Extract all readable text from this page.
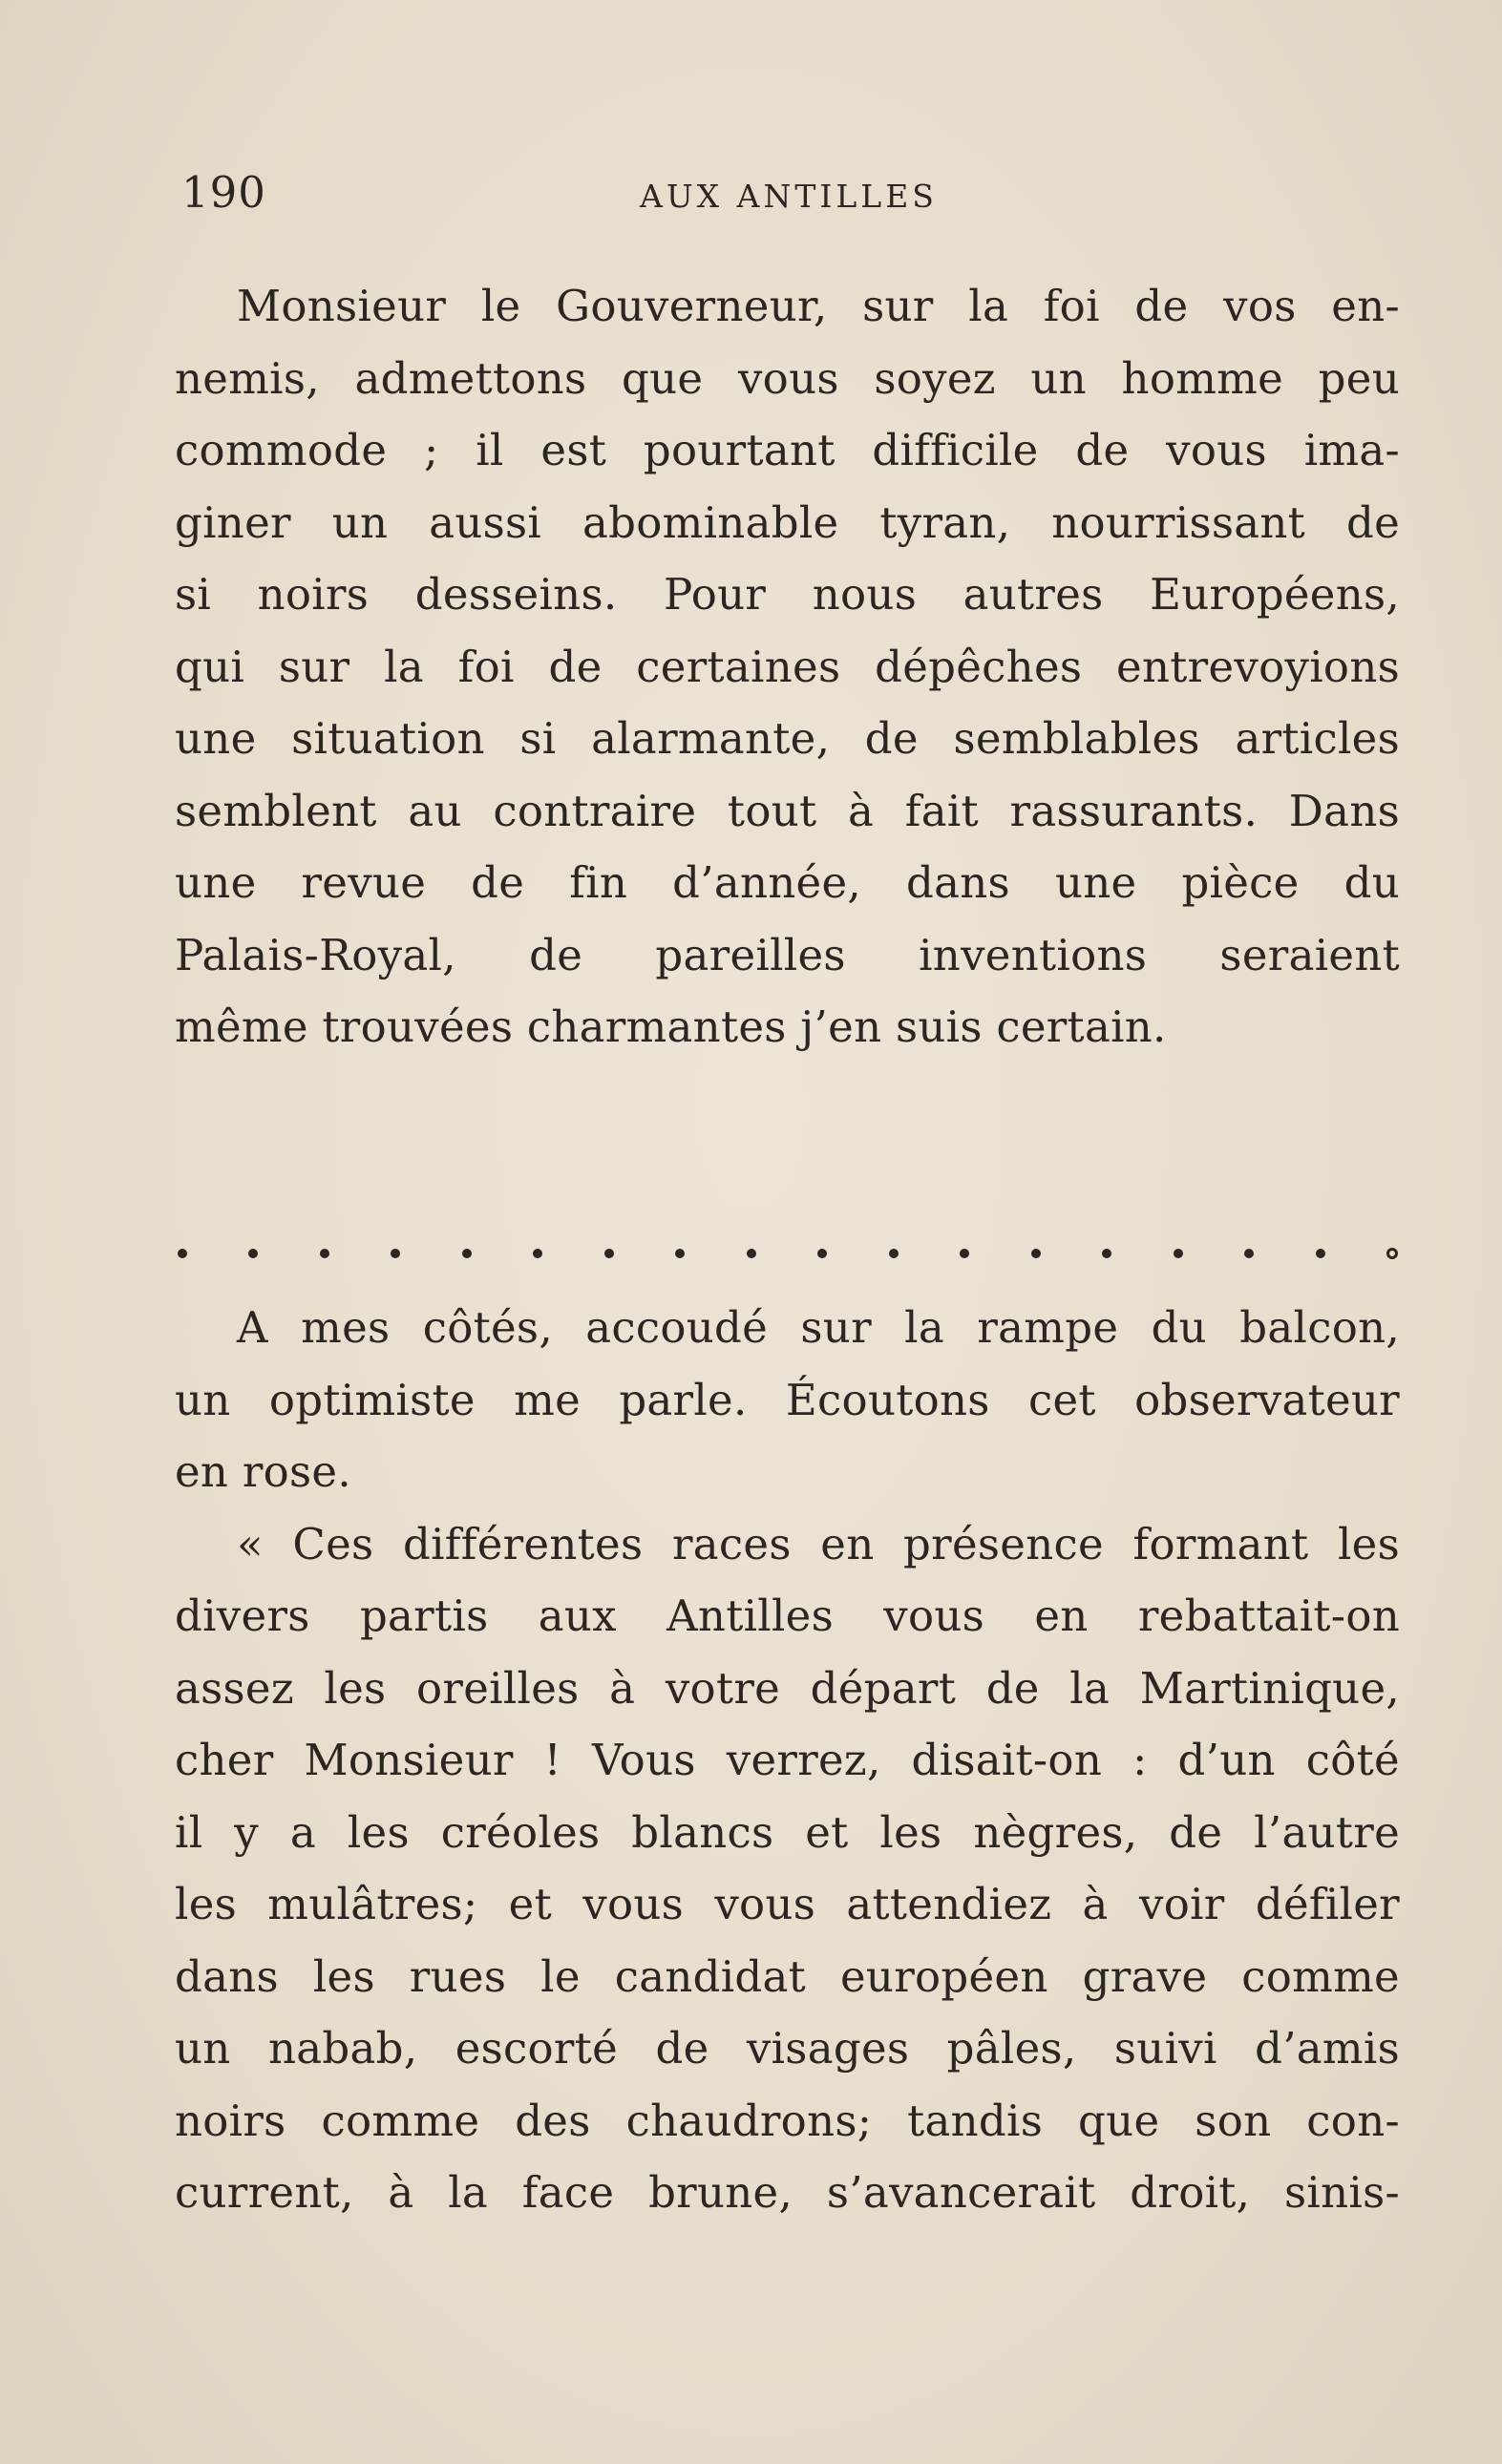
190	AUX ANTILLES
Monsieur le Gouverneur, sur la foi de vos en-
nemis, admettons que vous soyez un homme peu
commode ; il est pourtant difficile de vous ima-
giner un aussi abominable tyran, nourrissant de
si noirs desseins. Pour nous autres Européens,
qui sur la foi de certaines dépêches entrevoyions
une situation si alarmante, de semblables articles
semblent au contraire tout à fait rassurants. Dans
une revue de fin d’année, dans une pièce du
Palais-Royal, de pareilles inventions seraient
même trouvées charmantes j’en suis certain.
A mes côtés, accoudé sur la rampe du balcon,
un optimiste me parle. Écoutons cet observateur
en rose.
« Ces différentes races en présence formant les
divers partis aux Antilles vous en rebattait-on
assez les oreilles à votre départ de la Martinique,
cher Monsieur ! Vous verrez, disait-on : d’un côté
il y a les créoles blancs et les nègres, de l’autre
les mulâtres; et vous vous attendiez à voir défiler
dans les rues le candidat européen grave comme
un nabab, escorté de visages pâles, suivi d’amis
noirs comme des chaudrons; tandis que son con-
current, à la face brune, s’avancerait droit, sinis-
